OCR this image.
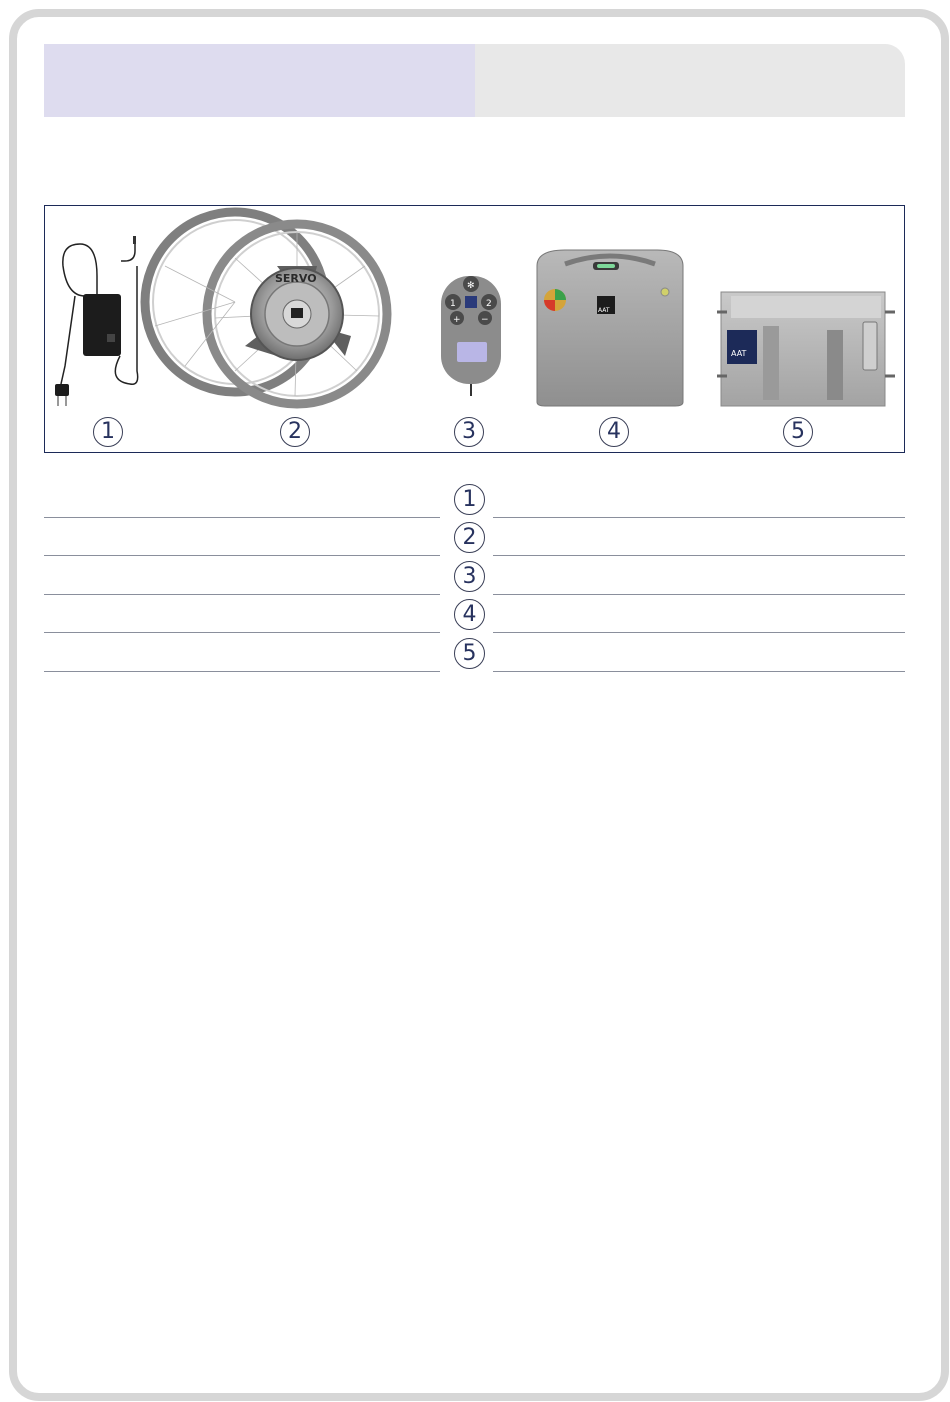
SERVO
✻
1	2
+ −
AAT
AAT
1	2	3	4	5
1
2
3
4
5
